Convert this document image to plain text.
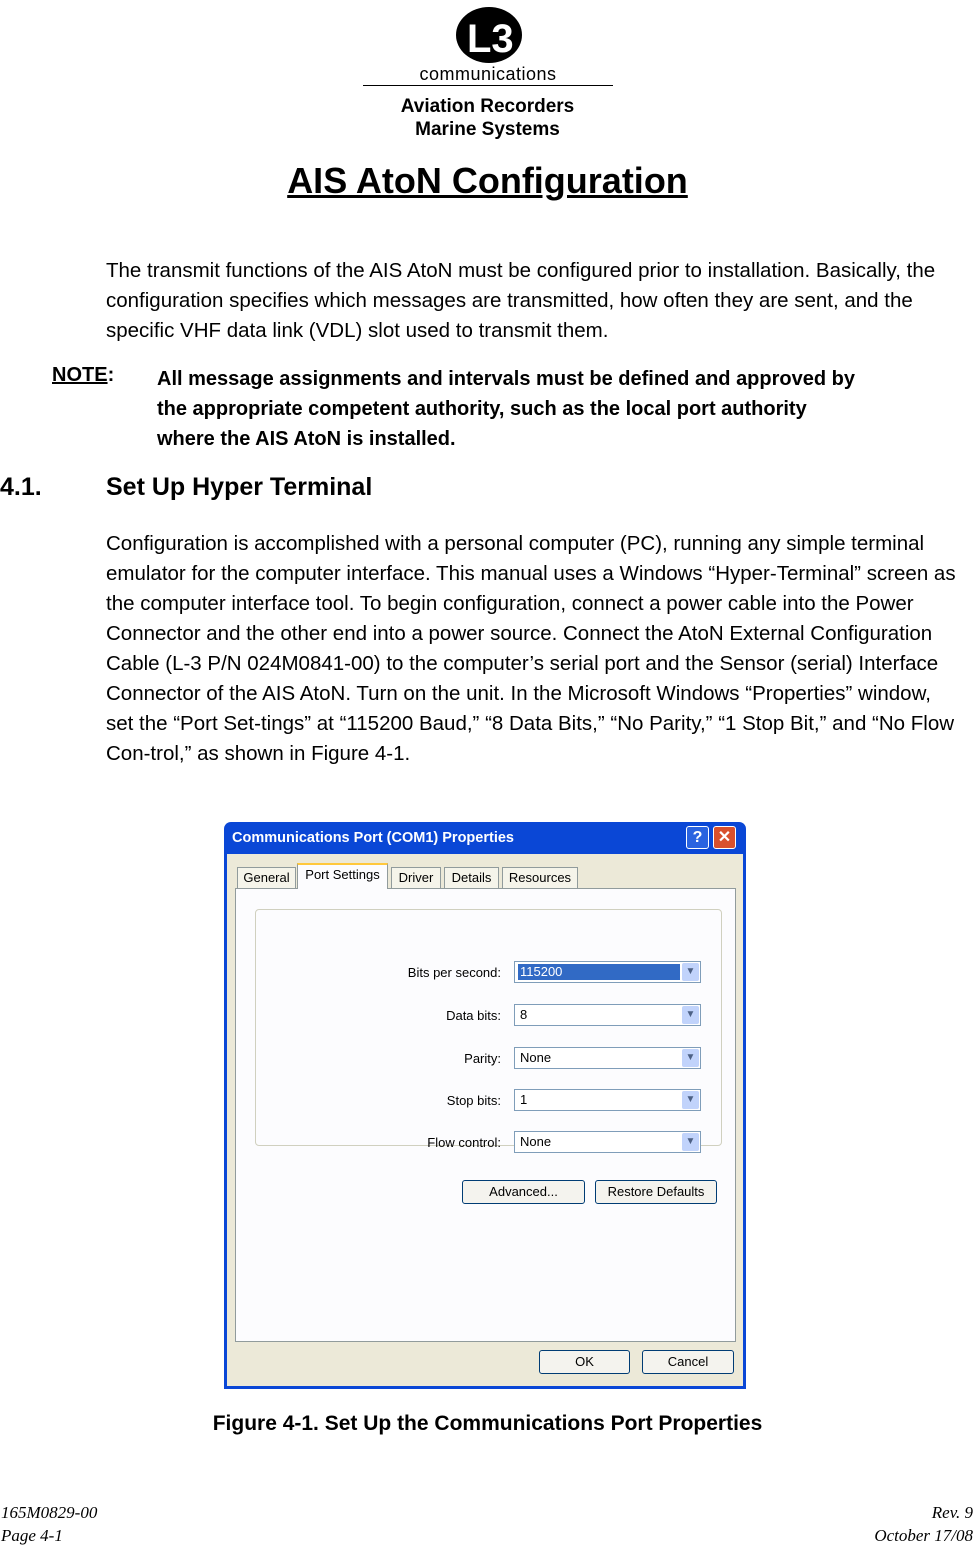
L3
communications
Aviation Recorders
Marine Systems
AIS AtoN Configuration
The transmit functions of the AIS AtoN must be configured prior to installation. Basically, the configuration specifies which messages are transmitted, how often they are sent, and the specific VHF data link (VDL) slot used to transmit them.
NOTE: All message assignments and intervals must be defined and approved by the appropriate competent authority, such as the local port authority where the AIS AtoN is installed.
4.1.	Set Up Hyper Terminal
Configuration is accomplished with a personal computer (PC), running any simple terminal emulator for the computer interface. This manual uses a Windows “Hyper-Terminal” screen as the computer interface tool. To begin configuration, connect a power cable into the Power Connector and the other end into a power source. Connect the AtoN External Configuration Cable (L-3 P/N 024M0841-00) to the computer’s serial port and the Sensor (serial) Interface Connector of the AIS AtoN. Turn on the unit. In the Microsoft Windows “Properties” window, set the “Port Set-tings” at “115200 Baud,” “8 Data Bits,” “No Parity,” “1 Stop Bit,” and “No Flow Con-trol,” as shown in Figure 4-1.
Communications Port (COM1) Properties	? ✕
General	Port Settings	Driver	Details	Resources
Bits per second: 115200	▼
Data bits: 8	▼
Parity: None	▼
Stop bits: 1	▼
Flow control: None	▼
Advanced...	Restore Defaults
OK	Cancel
Figure 4-1. Set Up the Communications Port Properties
165M0829-00
Page 4-1
Rev. 9
October 17/08
